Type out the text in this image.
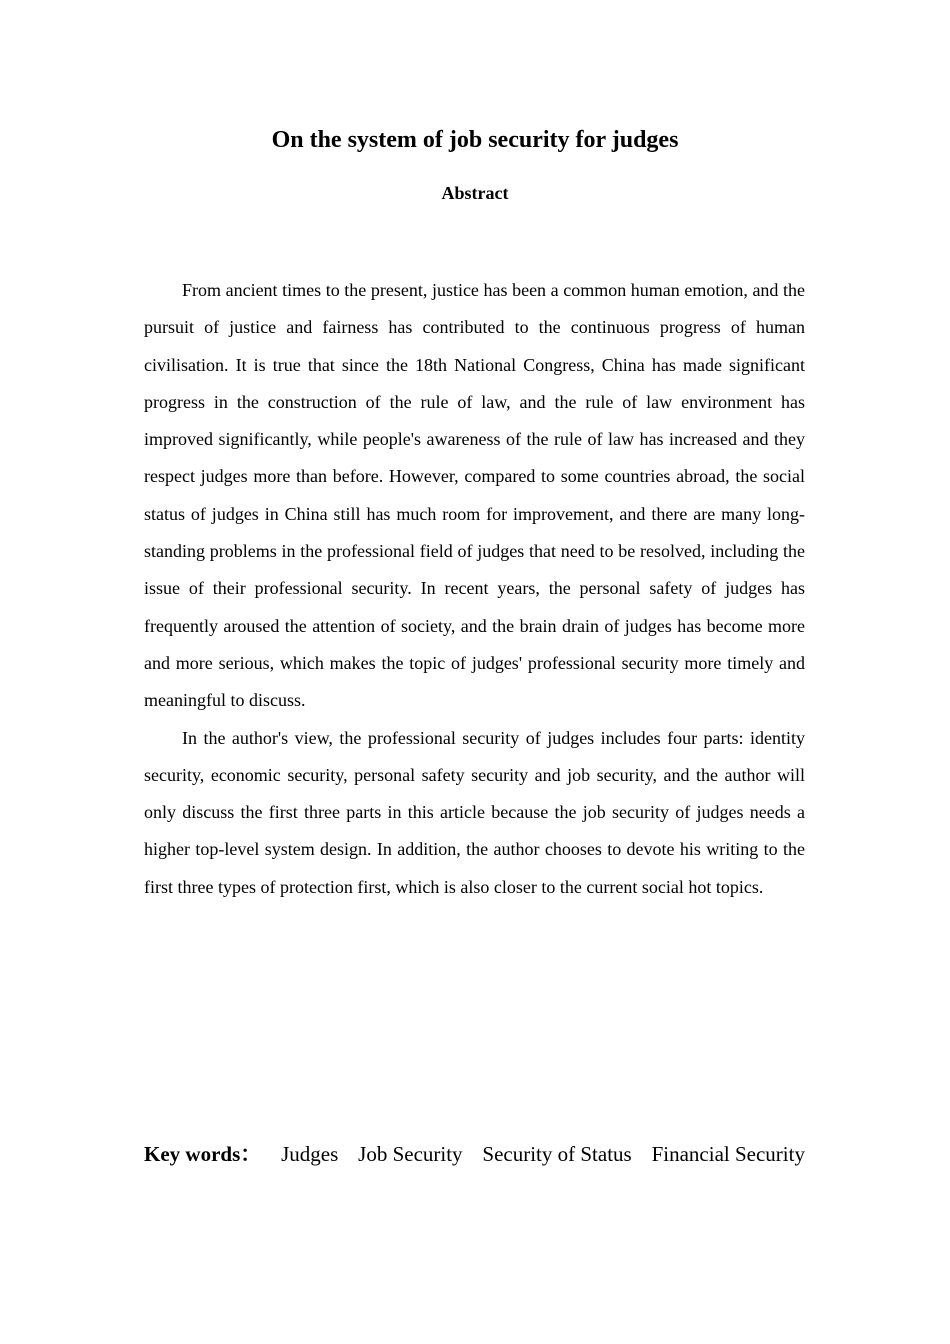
On the system of job security for judges
Abstract

From ancient times to the present, justice has been a common human emotion, and the pursuit of justice and fairness has contributed to the continuous progress of human civilisation. It is true that since the 18th National Congress, China has made significant progress in the construction of the rule of law, and the rule of law environment has improved significantly, while people's awareness of the rule of law has increased and they respect judges more than before. However, compared to some countries abroad, the social status of judges in China still has much room for improvement, and there are many long-standing problems in the professional field of judges that need to be resolved, including the issue of their professional security. In recent years, the personal safety of judges has frequently aroused the attention of society, and the brain drain of judges has become more and more serious, which makes the topic of judges' professional security more timely and meaningful to discuss.

In the author's view, the professional security of judges includes four parts: identity security, economic security, personal safety security and job security, and the author will only discuss the first three parts in this article because the job security of judges needs a higher top-level system design. In addition, the author chooses to devote his writing to the first three types of protection first, which is also closer to the current social hot topics.

Key words： Judges Job Security Security of Status Financial Security
